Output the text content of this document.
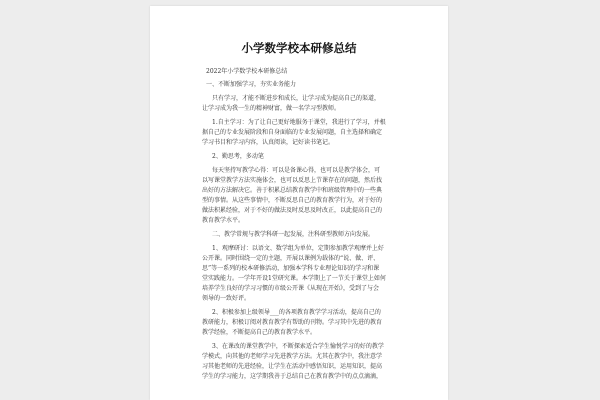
小学数学校本研修总结
2022年小学数学校本研修总结
一、不断加强学习，夯实业务能力
只有学习，才能不断进步和成长，让学习成为提高自己的渠道，
让学习成为我一生的精神财富，做一名学习型教师。
1.自主学习：为了让自己更好地服务于课堂，我进行了学习，并根
据自己的专业发展阶段和自身面临的专业发展问题，自主选择和确定
学习书目和学习内容，认真阅读，记好读书笔记。
2、勤思考，多动笔
每天坚持写教学心得：可以是备课心得，也可以是教学体会，可
以写课堂教学方法实施体会，也可以反思上节课存在的问题，然后找
出好的方法解决它。善于积累总结教育教学中和班级管理中的一些典
型的事情。从这些事情中，不断反思自己的教育教学行为，对于好的
做法积累经验，对于不好的做法及时反思及时改正，以此提高自己的
教育教学水平。
二、教学常规与教学科研一起发展，注科研型教师方向发展。
1、观摩研讨：以语文、数学组为单位，定期参加教学观摩并上好
公开课。同时围绕一定的主题，开展以课例为载体的“说、做、评、
思”等一系列的校本研修活动，加强本学科专业理论知识的学习和课
堂实践能力。一学年开设1堂研究课。本学期上了一节关于课堂上如何
培养学生良好的学习习惯的市级公开课《从现在开始》，受到了与会
领导的一致好评。
2、积极参加上级领导___的各项教育教学学习活动，提高自己的
教研能力，积极订阅对教育教学有帮助的刊物。学习其中先进的教育
教学经验，不断提高自己的教育教学水平。
3、在课改的课堂教学中，不断探索适合学生愉悦学习的好的教学
学模式，向其他的老师学习先进教学方法。尤其在教学中，我注意学
习其他老师的先进经验，让学生在活动中感悟知识，运用知识，提高
学生的学习能力，这学期我善于总结自己在教育教学中的点点滴滴，
